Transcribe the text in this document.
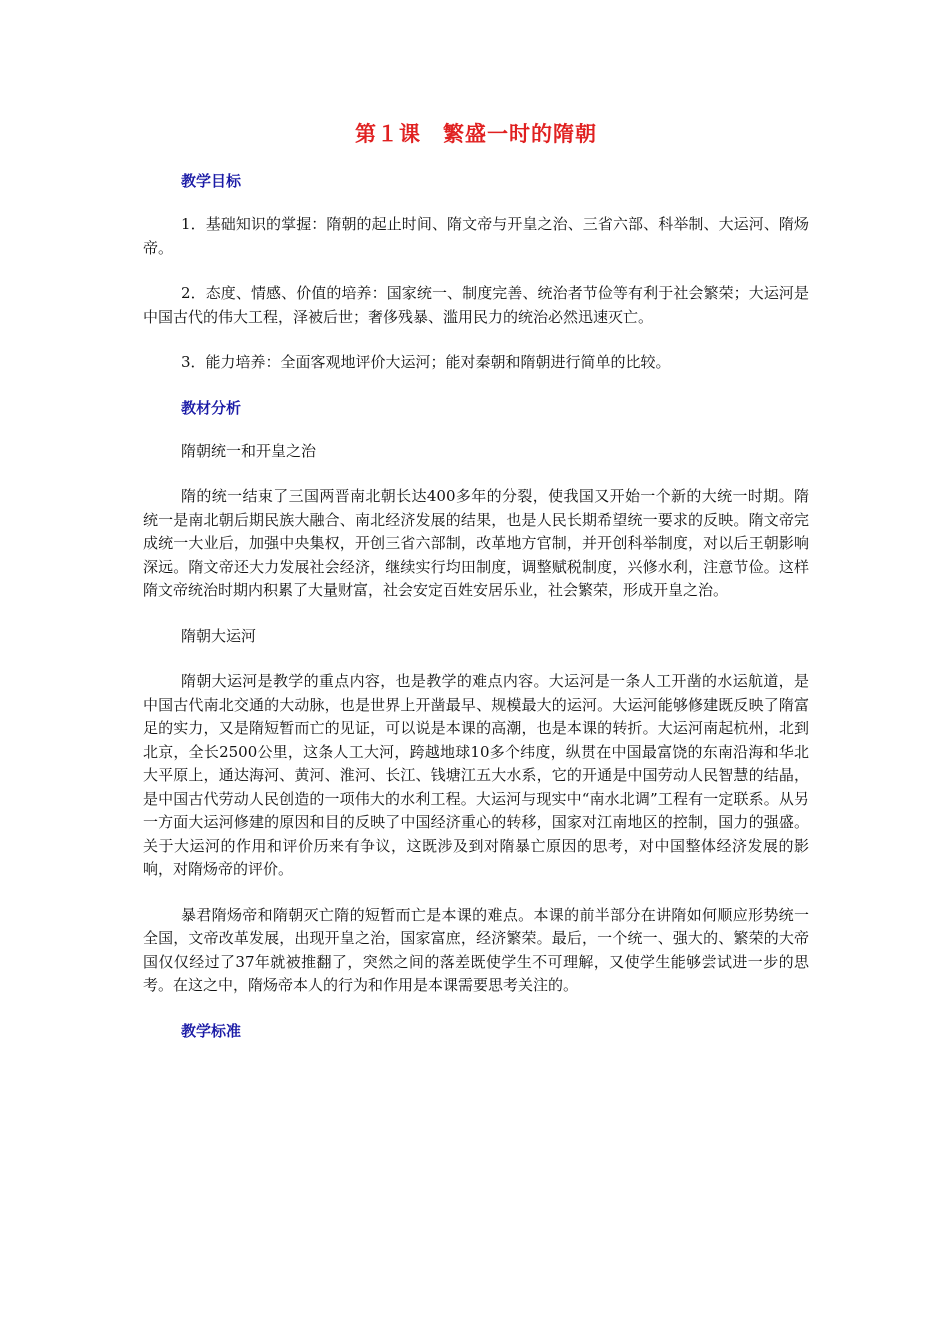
第１课　繁盛一时的隋朝
教学目标

1．基础知识的掌握：隋朝的起止时间、隋文帝与开皇之治、三省六部、科举制、大运河、隋炀帝。

2．态度、情感、价值的培养：国家统一、制度完善、统治者节俭等有利于社会繁荣；大运河是中国古代的伟大工程，泽被后世；奢侈残暴、滥用民力的统治必然迅速灭亡。

3．能力培养：全面客观地评价大运河；能对秦朝和隋朝进行简单的比较。

教材分析
隋朝统一和开皇之治

隋的统一结束了三国两晋南北朝长达400多年的分裂，使我国又开始一个新的大统一时期。隋统一是南北朝后期民族大融合、南北经济发展的结果，也是人民长期希望统一要求的反映。隋文帝完成统一大业后，加强中央集权，开创三省六部制，改革地方官制，并开创科举制度，对以后王朝影响深远。隋文帝还大力发展社会经济，继续实行均田制度，调整赋税制度，兴修水利，注意节俭。这样隋文帝统治时期内积累了大量财富，社会安定百姓安居乐业，社会繁荣，形成开皇之治。

隋朝大运河

隋朝大运河是教学的重点内容，也是教学的难点内容。大运河是一条人工开凿的水运航道，是中国古代南北交通的大动脉，也是世界上开凿最早、规模最大的运河。大运河能够修建既反映了隋富足的实力，又是隋短暂而亡的见证，可以说是本课的高潮，也是本课的转折。大运河南起杭州，北到北京，全长2500公里，这条人工大河，跨越地球10多个纬度，纵贯在中国最富饶的东南沿海和华北大平原上，通达海河、黄河、淮河、长江、钱塘江五大水系，它的开通是中国劳动人民智慧的结晶，是中国古代劳动人民创造的一项伟大的水利工程。大运河与现实中“南水北调”工程有一定联系。从另一方面大运河修建的原因和目的反映了中国经济重心的转移，国家对江南地区的控制，国力的强盛。关于大运河的作用和评价历来有争议，这既涉及到对隋暴亡原因的思考，对中国整体经济发展的影响，对隋炀帝的评价。

暴君隋炀帝和隋朝灭亡隋的短暂而亡是本课的难点。本课的前半部分在讲隋如何顺应形势统一全国，文帝改革发展，出现开皇之治，国家富庶，经济繁荣。最后，一个统一、强大的、繁荣的大帝国仅仅经过了37年就被推翻了，突然之间的落差既使学生不可理解，又使学生能够尝试进一步的思考。在这之中，隋炀帝本人的行为和作用是本课需要思考关注的。

教学标准
